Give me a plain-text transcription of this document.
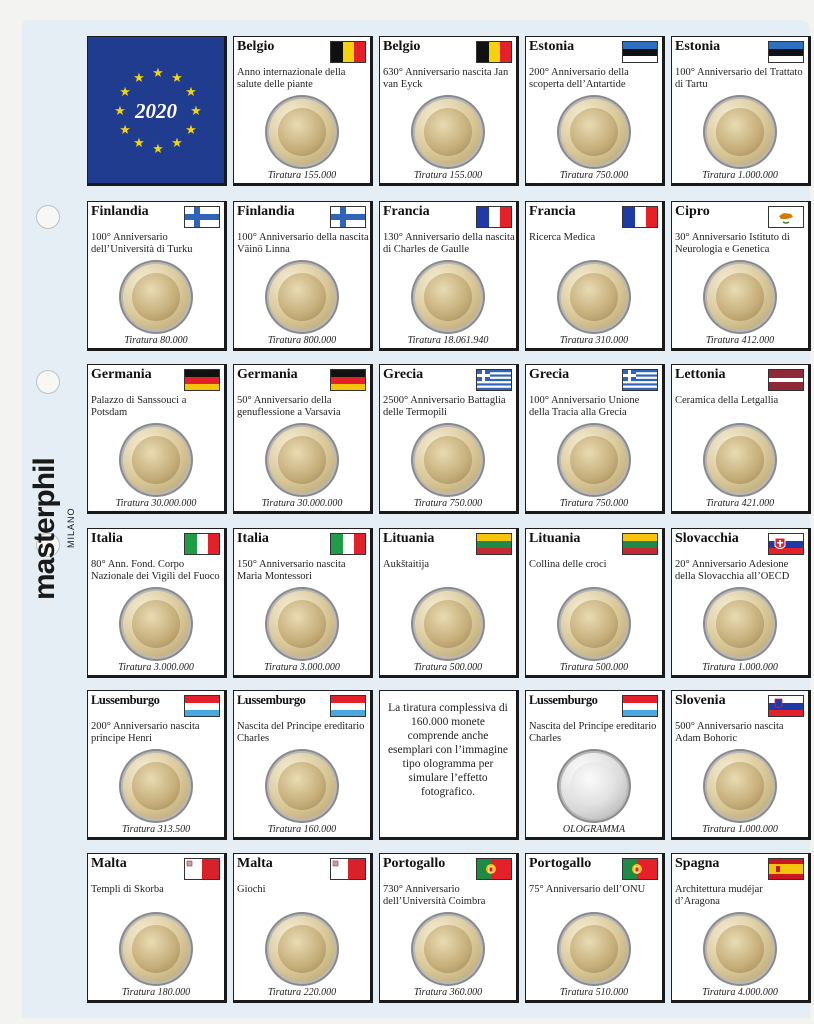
masterphil MILANO
★ ★
★
★
★
★
★
★
★
★
★
★
2020
Belgio
Anno internazionale della salute delle piante
Tiratura 155.000
Belgio
630° Anniversario nascita Jan van Eyck
Tiratura 155.000
Estonia
200° Anniversario della scoperta dell’Antartide
Tiratura 750.000
Estonia
100° Anniversario del Trattato di Tartu
Tiratura 1.000.000
Finlandia
100° Anniversario dell’Università di Turku
Tiratura 80.000
Finlandia
100° Anniversario della nascita Väinö Linna
Tiratura 800.000
Francia
130° Anniversario della nascita di Charles de Gaulle
Tiratura 18.061.940
Francia
Ricerca Medica
Tiratura 310.000
Cipro
30° Anniversario Istituto di Neurologia e Genetica
Tiratura 412.000
Germania
Palazzo di Sanssouci a Potsdam
Tiratura 30.000.000
Germania
50° Anniversario della genuflessione a Varsavia
Tiratura 30.000.000
Grecia
2500° Anniversario Battaglia delle Termopili
Tiratura 750.000
Grecia
100° Anniversario Unione della Tracia alla Grecia
Tiratura 750.000
Lettonia
Ceramica della Letgallia
Tiratura 421.000
Italia
80° Ann. Fond. Corpo Nazionale dei Vigili del Fuoco
Tiratura 3.000.000
Italia
150° Anniversario nascita Maria Montessori
Tiratura 3.000.000
Lituania
Aukštaitija
Tiratura 500.000
Lituania
Collina delle croci
Tiratura 500.000
Slovacchia
20° Anniversario Adesione della Slovacchia all’OECD
Tiratura 1.000.000
Lussemburgo
200° Anniversario nascita principe Henri
Tiratura 313.500
Lussemburgo
Nascita del Principe ereditario Charles
Tiratura 160.000
La tiratura complessiva di 160.000 monete comprende anche esemplari con l’immagine tipo ologramma per simulare l’effetto fotografico.
Lussemburgo
Nascita del Principe ereditario Charles
OLOGRAMMA
Slovenia
500° Anniversario nascita Adam Bohoric
Tiratura 1.000.000
Malta
Templi di Skorba
Tiratura 180.000
Malta
Giochi
Tiratura 220.000
Portogallo
730° Anniversario dell’Università Coimbra
Tiratura 360.000
Portogallo
75° Anniversario dell’ONU
Tiratura 510.000
Spagna
Architettura mudéjar d’Aragona
Tiratura 4.000.000
